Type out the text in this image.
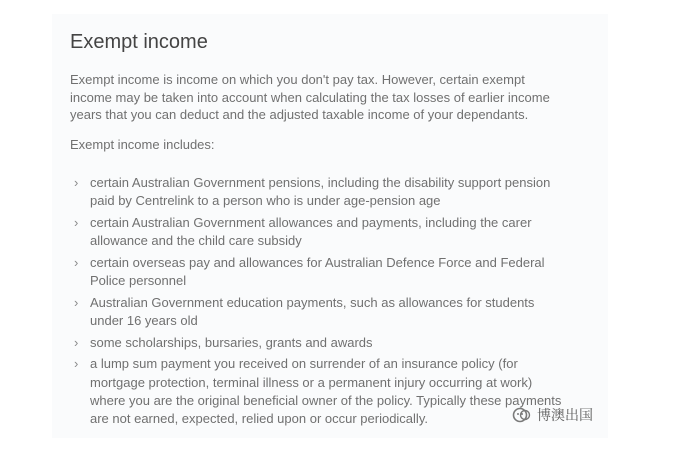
Exempt income

Exempt income is income on which you don't pay tax. However, certain exempt income may be taken into account when calculating the tax losses of earlier income years that you can deduct and the adjusted taxable income of your dependants.

Exempt income includes:

› certain Australian Government pensions, including the disability support pension paid by Centrelink to a person who is under age-pension age
› certain Australian Government allowances and payments, including the carer allowance and the child care subsidy
› certain overseas pay and allowances for Australian Defence Force and Federal Police personnel
› Australian Government education payments, such as allowances for students under 16 years old
› some scholarships, bursaries, grants and awards
› a lump sum payment you received on surrender of an insurance policy (for mortgage protection, terminal illness or a permanent injury occurring at work) where you are the original beneficial owner of the policy. Typically these payments are not earned, expected, relied upon or occur periodically.	博澳出国
